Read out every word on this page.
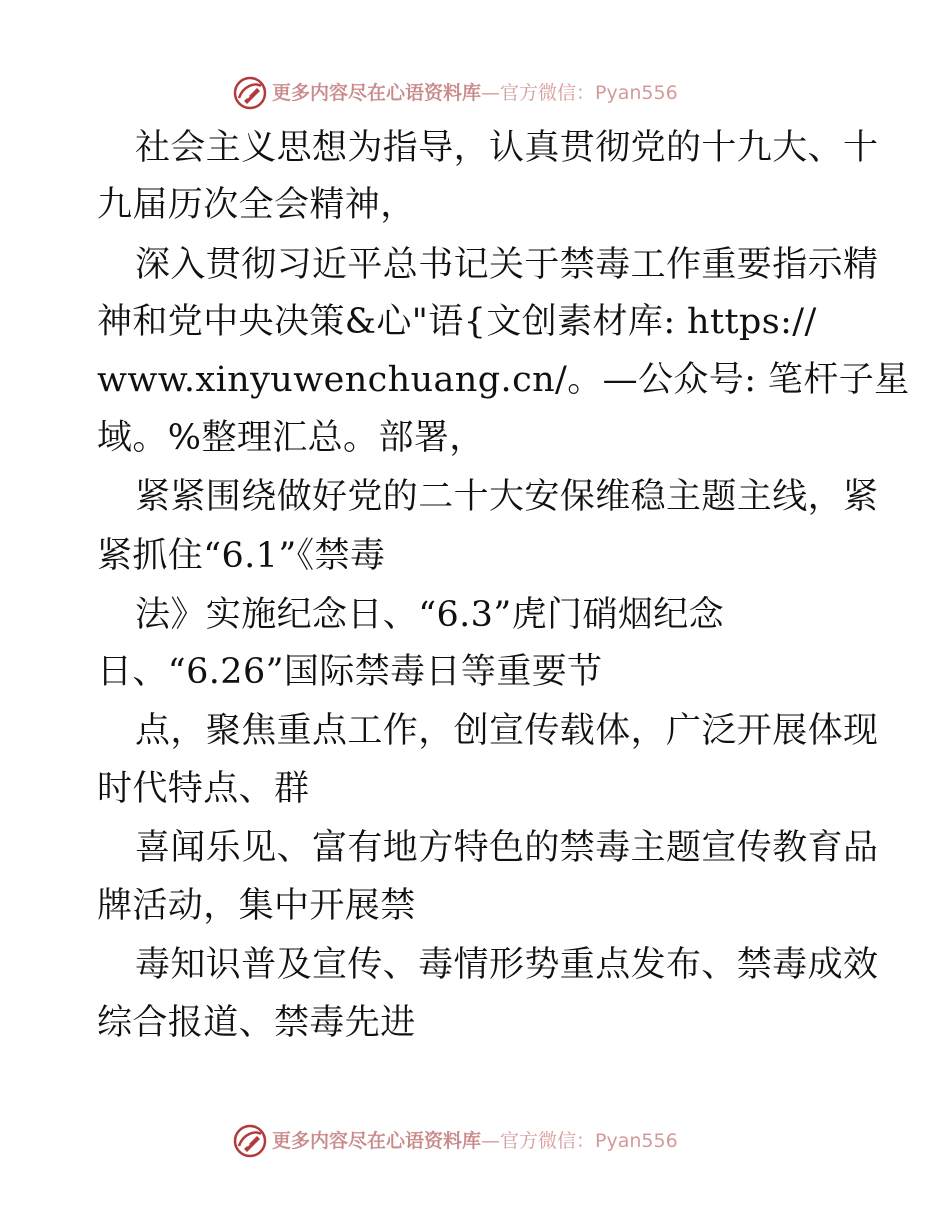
更多内容尽在心语资料库—官方微信：Pyan556
社会主义思想为指导，认真贯彻党的十九大、十
九届历次全会精神，
深入贯彻习近平总书记关于禁毒工作重要指示精
神和党中央决策&心"语{文创素材库: https://
www.xinyuwenchuang.cn/。—公众号: 笔杆子星
域。%整理汇总。部署，
紧紧围绕做好党的二十大安保维稳主题主线，紧
紧抓住“6.1”《禁毒
法》实施纪念日、“6.3”虎门硝烟纪念
日、“6.26”国际禁毒日等重要节
点，聚焦重点工作，创宣传载体，广泛开展体现
时代特点、群
喜闻乐见、富有地方特色的禁毒主题宣传教育品
牌活动，集中开展禁
毒知识普及宣传、毒情形势重点发布、禁毒成效
综合报道、禁毒先进
更多内容尽在心语资料库—官方微信：Pyan556
